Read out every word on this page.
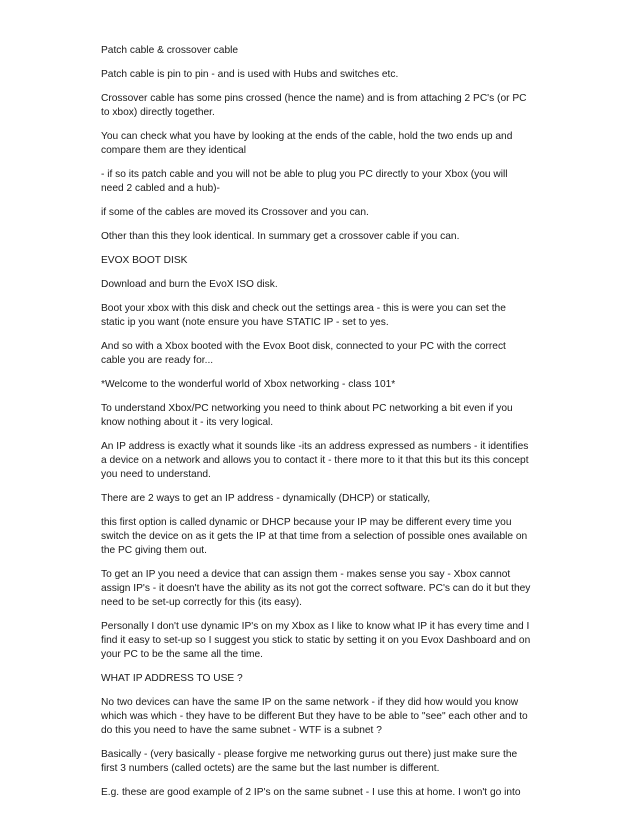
Patch cable & crossover cable

Patch cable is pin to pin - and is used with Hubs and switches etc.

Crossover cable has some pins crossed (hence the name) and is from attaching 2 PC's (or PC to xbox) directly together.

You can check what you have by looking at the ends of the cable, hold the two ends up and compare them are they identical

- if so its patch cable and you will not be able to plug you PC directly to your Xbox (you will need 2 cabled and a hub)-

if some of the cables are moved its Crossover and you can.

Other than this they look identical. In summary get a crossover cable if you can.

EVOX BOOT DISK

Download and burn the EvoX ISO disk.

Boot your xbox with this disk and check out the settings area - this is were you can set the static ip you want (note ensure you have STATIC IP - set to yes.

And so with a Xbox booted with the Evox Boot disk, connected to your PC with the correct cable you are ready for...

*Welcome to the wonderful world of Xbox networking - class 101*

To understand Xbox/PC networking you need to think about PC networking a bit even if you know nothing about it - its very logical.

An IP address is exactly what it sounds like -its an address expressed as numbers - it identifies a device on a network and allows you to contact it - there more to it that this but its this concept you need to understand.

There are 2 ways to get an IP address - dynamically (DHCP) or statically,

this first option is called dynamic or DHCP because your IP may be different every time you switch the device on as it gets the IP at that time from a selection of possible ones available on the PC giving them out.

To get an IP you need a device that can assign them - makes sense you say - Xbox cannot assign IP's - it doesn't have the ability as its not got the correct software. PC's can do it but they need to be set-up correctly for this (its easy).

Personally I don't use dynamic IP's on my Xbox as I like to know what IP it has every time and I find it easy to set-up so I suggest you stick to static by setting it on you Evox Dashboard and on your PC to be the same all the time.

WHAT IP ADDRESS TO USE ?

No two devices can have the same IP on the same network - if they did how would you know which was which - they have to be different But they have to be able to "see" each other and to do this you need to have the same subnet - WTF is a subnet ?

Basically - (very basically - please forgive me networking gurus out there) just make sure the first 3 numbers (called octets) are the same but the last number is different.

E.g. these are good example of 2 IP's on the same subnet - I use this at home. I won't go into
